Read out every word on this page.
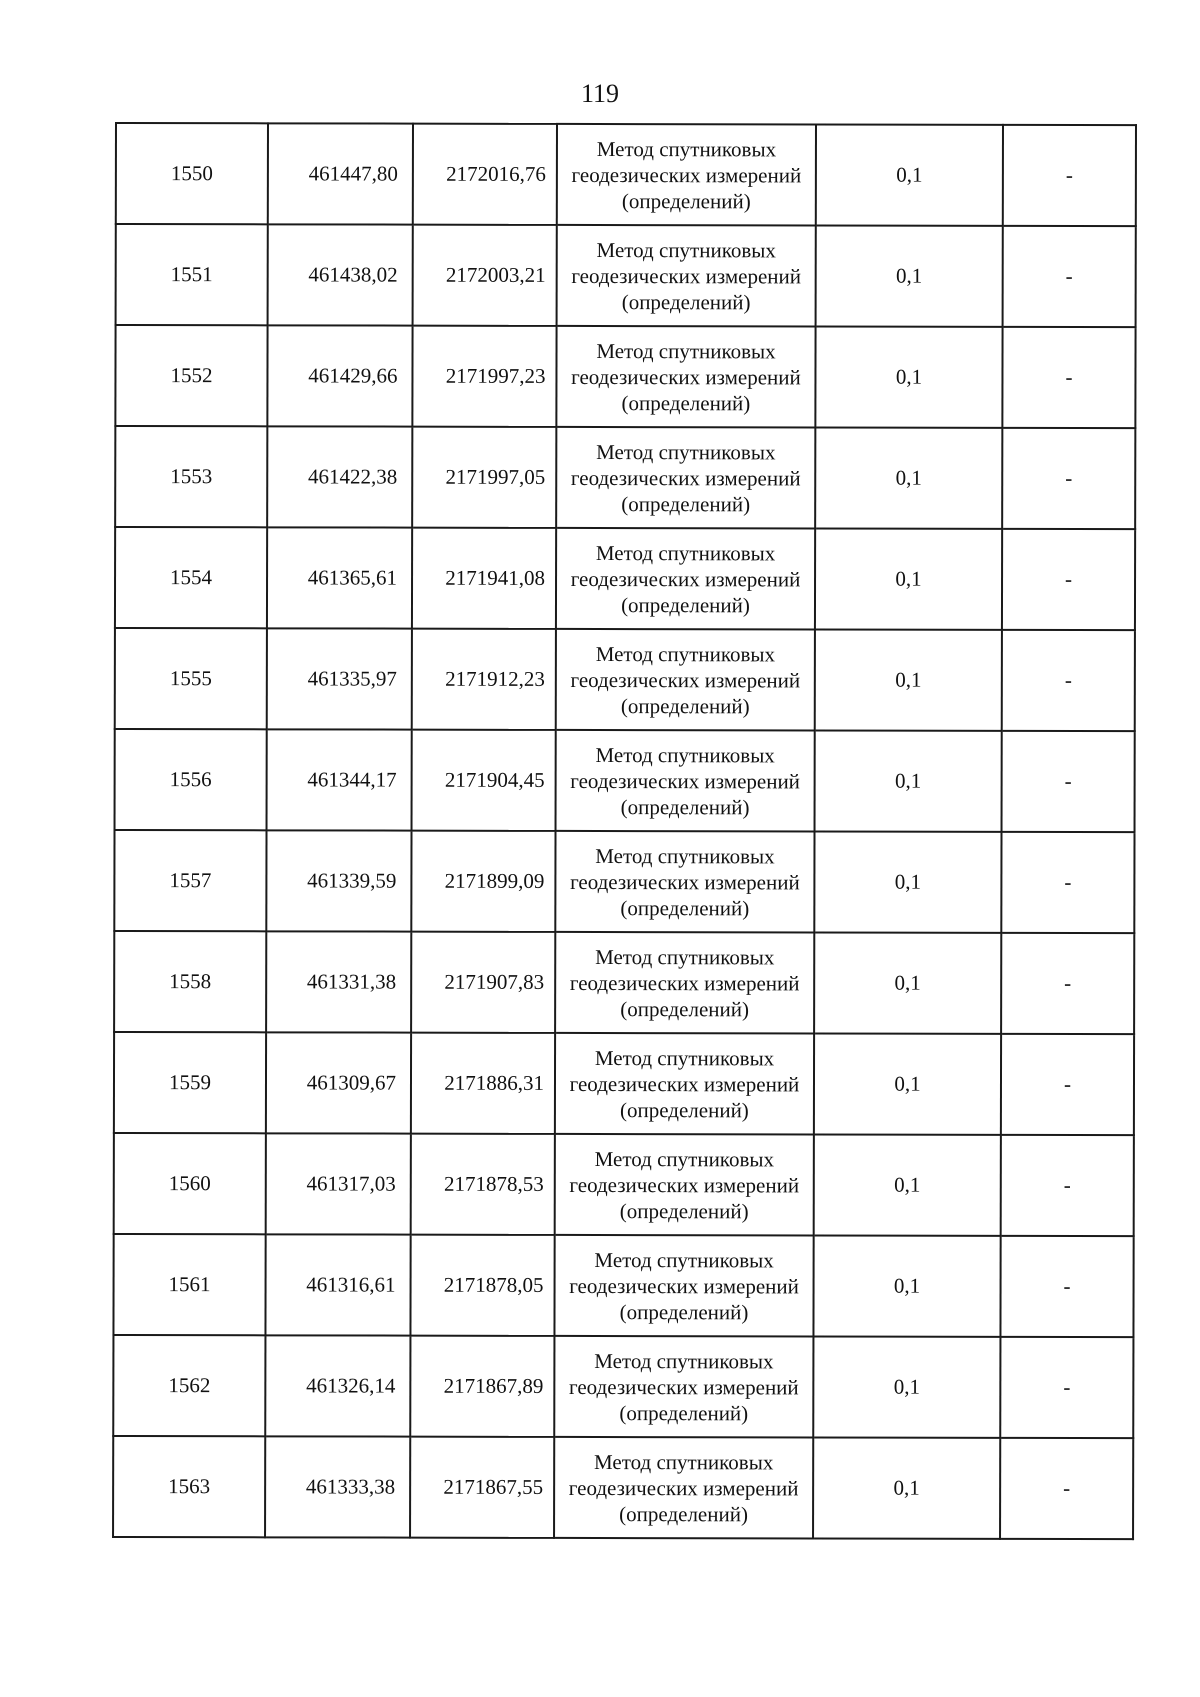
119
1550	461447,80	2172016,76	Метод спутниковых
геодезических измерений
(определений)	0,1	-
1551	461438,02	2172003,21	Метод спутниковых
геодезических измерений
(определений)	0,1	-
1552	461429,66	2171997,23	Метод спутниковых
геодезических измерений
(определений)	0,1	-
1553	461422,38	2171997,05	Метод спутниковых
геодезических измерений
(определений)	0,1	-
1554	461365,61	2171941,08	Метод спутниковых
геодезических измерений
(определений)	0,1	-
1555	461335,97	2171912,23	Метод спутниковых
геодезических измерений
(определений)	0,1	-
1556	461344,17	2171904,45	Метод спутниковых
геодезических измерений
(определений)	0,1	-
1557	461339,59	2171899,09	Метод спутниковых
геодезических измерений
(определений)	0,1	-
1558	461331,38	2171907,83	Метод спутниковых
геодезических измерений
(определений)	0,1	-
1559	461309,67	2171886,31	Метод спутниковых
геодезических измерений
(определений)	0,1	-
1560	461317,03	2171878,53	Метод спутниковых
геодезических измерений
(определений)	0,1	-
1561	461316,61	2171878,05	Метод спутниковых
геодезических измерений
(определений)	0,1	-
1562	461326,14	2171867,89	Метод спутниковых
геодезических измерений
(определений)	0,1	-
1563	461333,38	2171867,55	Метод спутниковых
геодезических измерений
(определений)	0,1	-
